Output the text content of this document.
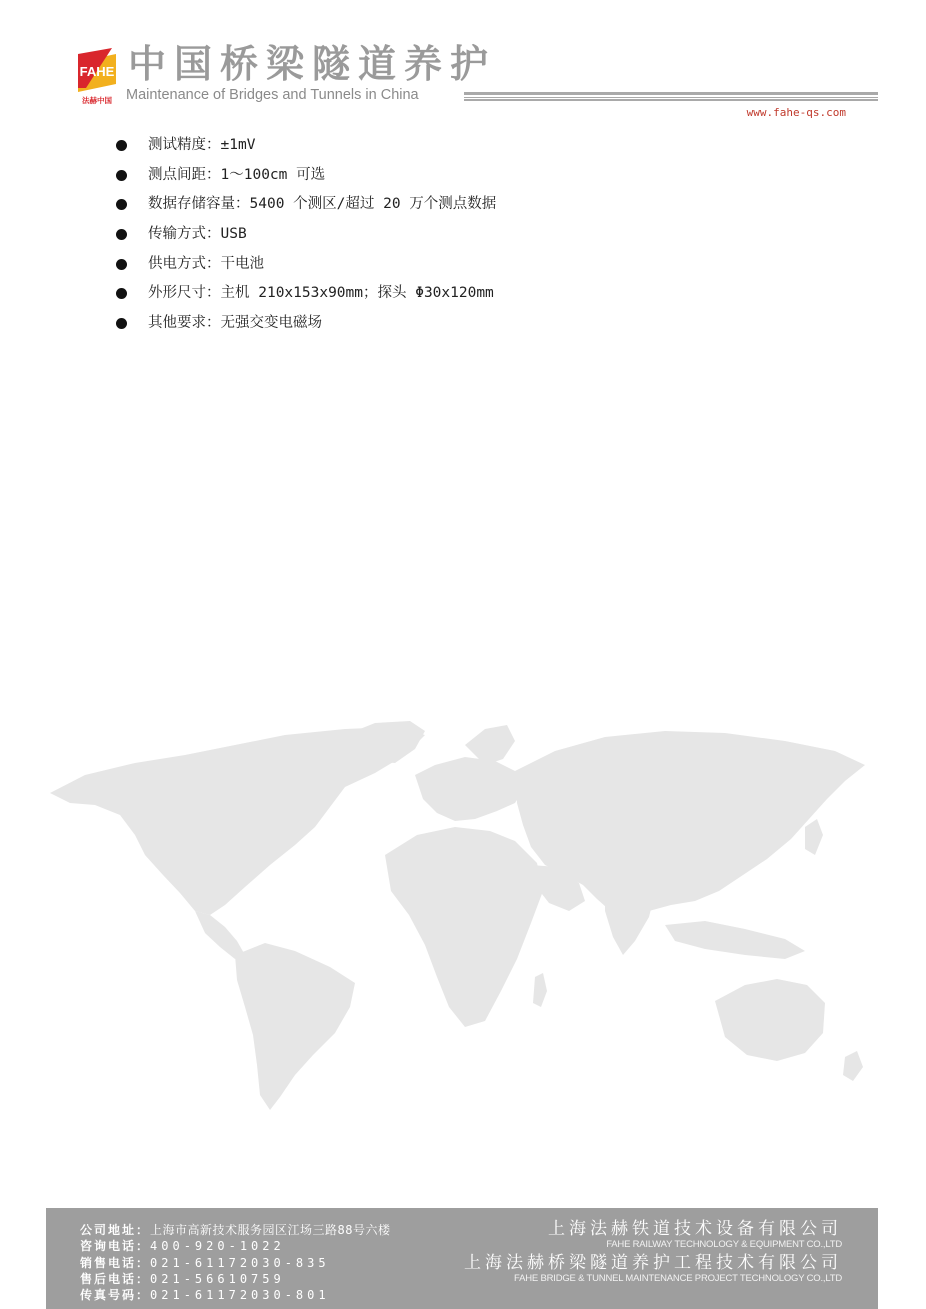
FAHE
法赫中国
中国桥梁隧道养护
Maintenance of Bridges and Tunnels in China
www.fahe-qs.com
测试精度：±1mV
测点间距：1～100cm 可选
数据存储容量：5400 个测区/超过 20 万个测点数据
传输方式：USB
供电方式：干电池
外形尺寸：主机 210x153x90mm；探头 Φ30x120mm
其他要求：无强交变电磁场
公司地址：上海市高新技术服务园区江场三路88号六楼
咨询电话：400-920-1022
销售电话：021-61172030-835
售后电话：021-56610759
传真号码：021-61172030-801
上海法赫铁道技术设备有限公司
FAHE RAILWAY TECHNOLOGY & EQUIPMENT CO.,LTD
上海法赫桥梁隧道养护工程技术有限公司
FAHE BRIDGE & TUNNEL MAINTENANCE PROJECT TECHNOLOGY CO.,LTD
